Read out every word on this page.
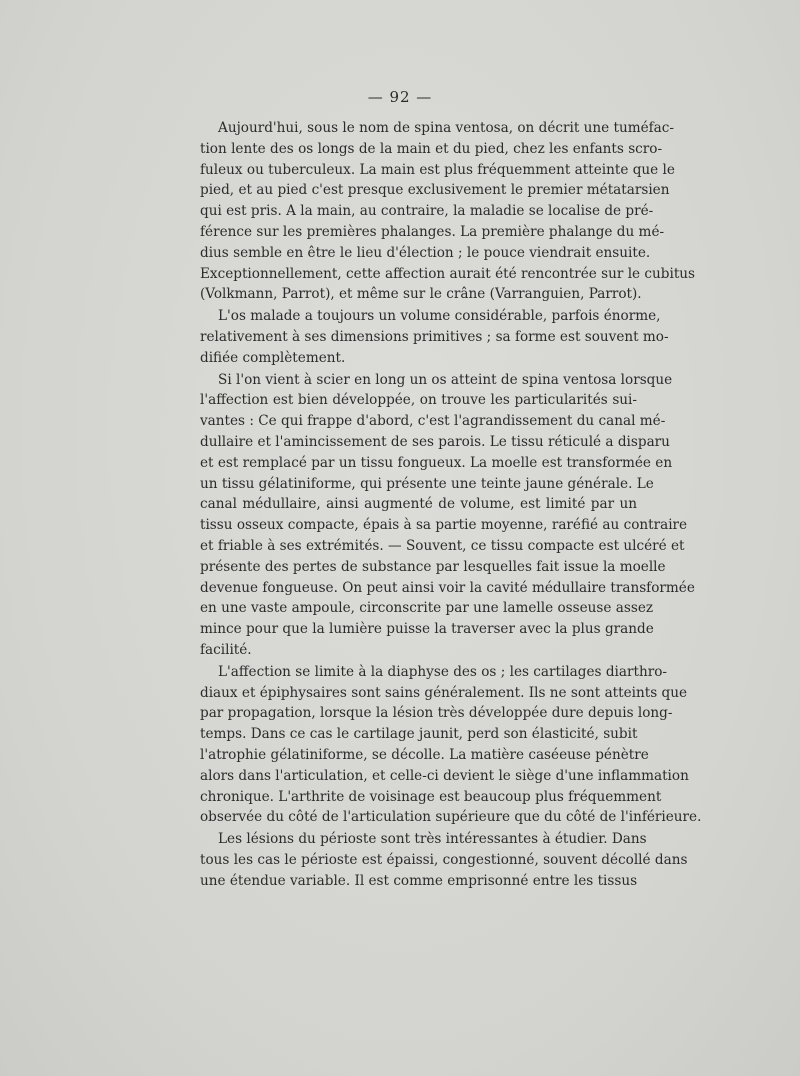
— 92 —

Aujourd'hui, sous le nom de spina ventosa, on décrit une tuméfac-
tion lente des os longs de la main et du pied, chez les enfants scro-
fuleux ou tuberculeux. La main est plus fréquemment atteinte que le
pied, et au pied c'est presque exclusivement le premier métatarsien
qui est pris. A la main, au contraire, la maladie se localise de pré-
férence sur les premières phalanges. La première phalange du mé-
dius semble en être le lieu d'élection ; le pouce viendrait ensuite.
Exceptionnellement, cette affection aurait été rencontrée sur le cubitus
(Volkmann, Parrot), et même sur le crâne (Varranguien, Parrot).

L'os malade a toujours un volume considérable, parfois énorme,
relativement à ses dimensions primitives ; sa forme est souvent mo-
difiée complètement.

Si l'on vient à scier en long un os atteint de spina ventosa lorsque
l'affection est bien développée, on trouve les particularités sui-
vantes : Ce qui frappe d'abord, c'est l'agrandissement du canal mé-
dullaire et l'amincissement de ses parois. Le tissu réticulé a disparu
et est remplacé par un tissu fongueux. La moelle est transformée en
un tissu gélatiniforme, qui présente une teinte jaune générale. Le
canal médullaire, ainsi augmenté de volume, est limité par un
tissu osseux compacte, épais à sa partie moyenne, raréfié au contraire
et friable à ses extrémités. — Souvent, ce tissu compacte est ulcéré et
présente des pertes de substance par lesquelles fait issue la moelle
devenue fongueuse. On peut ainsi voir la cavité médullaire transformée
en une vaste ampoule, circonscrite par une lamelle osseuse assez
mince pour que la lumière puisse la traverser avec la plus grande
facilité.

L'affection se limite à la diaphyse des os ; les cartilages diarthro-
diaux et épiphysaires sont sains généralement. Ils ne sont atteints que
par propagation, lorsque la lésion très développée dure depuis long-
temps. Dans ce cas le cartilage jaunit, perd son élasticité, subit
l'atrophie gélatiniforme, se décolle. La matière caséeuse pénètre
alors dans l'articulation, et celle-ci devient le siège d'une inflammation
chronique. L'arthrite de voisinage est beaucoup plus fréquemment
observée du côté de l'articulation supérieure que du côté de l'inférieure.

Les lésions du périoste sont très intéressantes à étudier. Dans
tous les cas le périoste est épaissi, congestionné, souvent décollé dans
une étendue variable. Il est comme emprisonné entre les tissus
